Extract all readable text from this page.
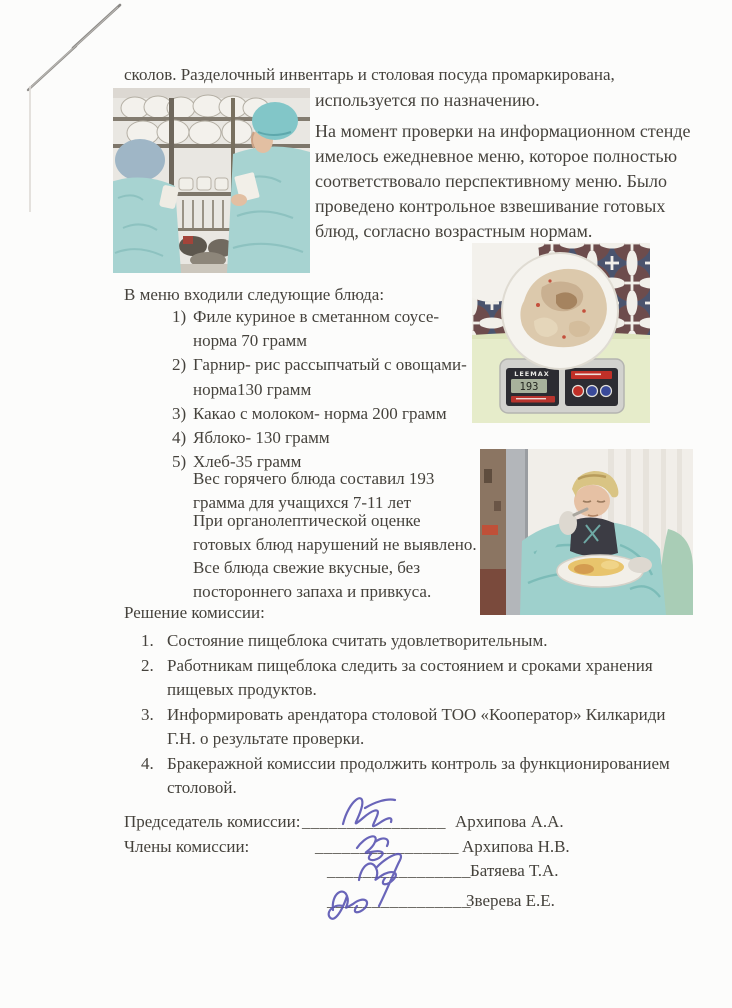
сколов. Разделочный инвентарь и столовая посуда промаркирована,
используется по назначению.
На момент проверки на информационном стенде
имелось ежедневное меню, которое полностью
соответствовало перспективному меню. Было
проведено контрольное взвешивание готовых
блюд, согласно возрастным нормам.
В меню входили следующие блюда:
1) Филе куриное в сметанном соусе-
норма 70 грамм
2) Гарнир- рис рассыпчатый с овощами-
норма130 грамм
3) Какао с молоком- норма 200 грамм
4) Яблоко- 130 грамм
5) Хлеб-35 грамм
Вес горячего блюда составил 193
грамма для учащихся 7-11 лет
При органолептической оценке
готовых блюд нарушений не выявлено.
Все блюда свежие вкусные, без
постороннего запаха и привкуса.
LEEMAX
193
Решение комиссии:
1. Состояние пищеблока считать удовлетворительным.
2. Работникам пищеблока следить за состоянием и сроками хранения
пищевых продуктов.
3. Информировать арендатора столовой ТОО «Кооператор» Килкариди
Г.Н. о результате проверки.
4. Бракеражной комиссии продолжить контроль за функционированием
столовой.
Председатель комиссии: ________________ Архипова А.А.
Члены комиссии:	________________ Архипова Н.В.
________________ Батяева Т.А.
________________
Зверева Е.Е.
